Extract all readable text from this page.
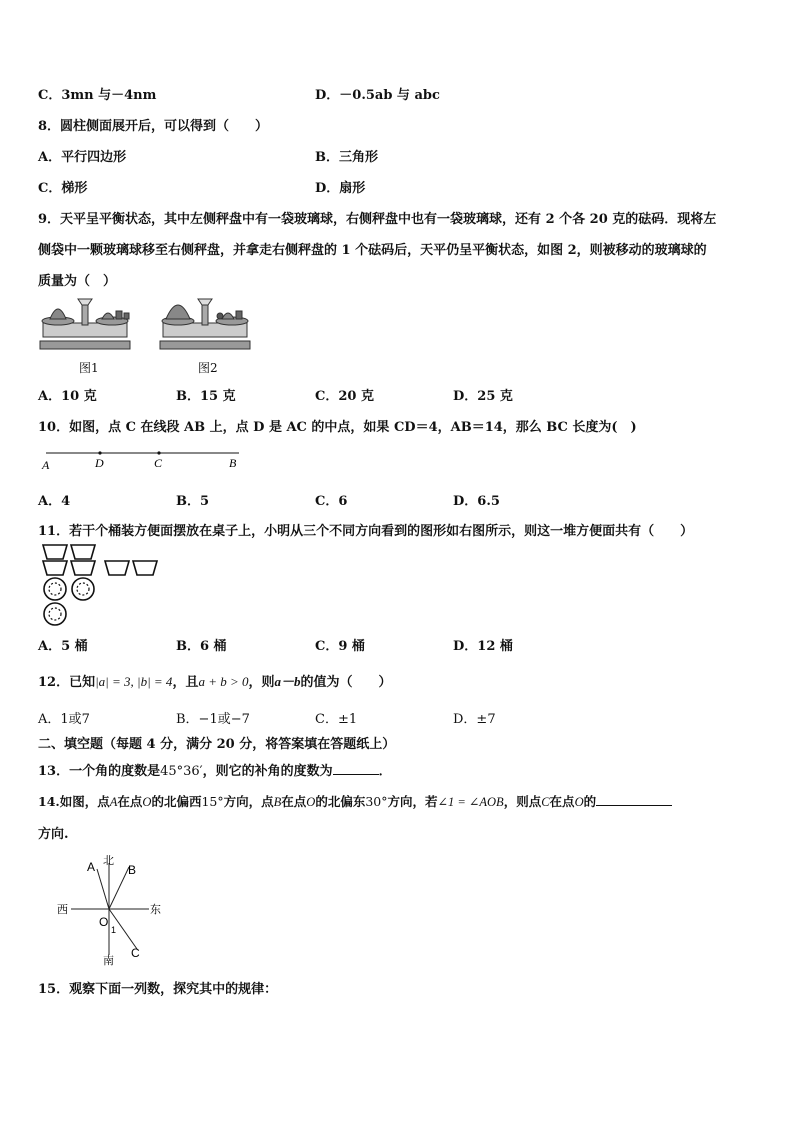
C．3mn 与－4nm	D．－0.5ab 与 abc
8．圆柱侧面展开后，可以得到（　　）
A．平行四边形	B．三角形
C．梯形	D．扇形
9．天平呈平衡状态，其中左侧秤盘中有一袋玻璃球，右侧秤盘中也有一袋玻璃球，还有 2 个各 20 克的砝码．现将左
侧袋中一颗玻璃球移至右侧秤盘，并拿走右侧秤盘的 1 个砝码后，天平仍呈平衡状态，如图 2，则被移动的玻璃球的
质量为（　）
图1	图2
A．10 克	B．15 克	C．20 克	D．25 克
10．如图，点 C 在线段 AB 上，点 D 是 AC 的中点，如果 CD＝4，AB＝14，那么 BC 长度为(　)
A	D	C	B
A．4	B．5	C．6	D．6.5
11．若干个桶装方便面摆放在桌子上，小明从三个不同方向看到的图形如右图所示，则这一堆方便面共有（　　）
A．5 桶	B．6 桶	C．9 桶	D．12 桶
12．已知|a| = 3, |b| = 4，且a + b > 0，则a－b的值为（　　）
A．1或7	B．−1或−7	C．±1	D．±7
二、填空题（每题 4 分，满分 20 分，将答案填在答题纸上）
13．一个角的度数是45°36′，则它的补角的度数为	．
14.如图，点A在点O的北偏西15°方向，点B在点O的北偏东30°方向，若∠1 = ∠AOB，则点C在点O的
方向.
A 北
B
西	东
O
1
C
南
15．观察下面一列数，探究其中的规律：
